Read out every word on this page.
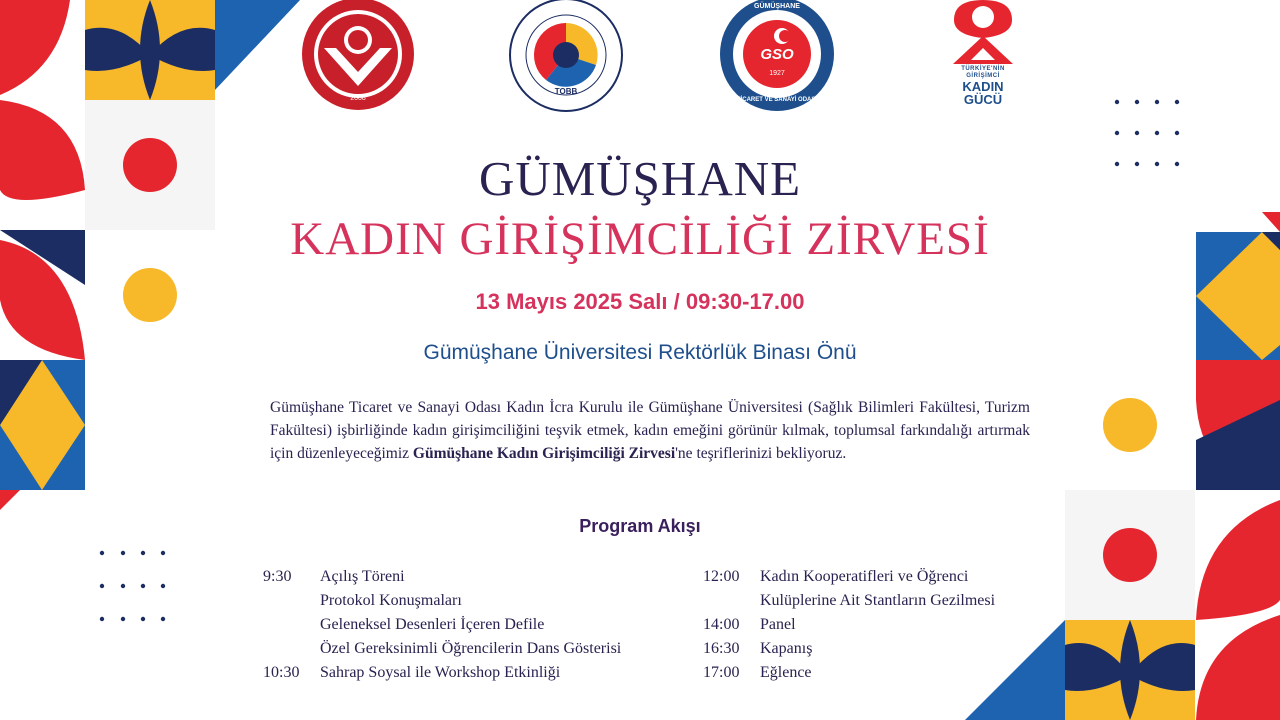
2008
TOBB
GSO
1927
GÜMÜŞHANE
TİCARET VE SANAYİ ODASI
TÜRKİYE'NİN
GİRİŞİMCİ
KADIN
GÜCÜ
GÜMÜŞHANE
KADIN GİRİŞİMCİLİĞİ ZİRVESİ
13 Mayıs 2025 Salı / 09:30-17.00
Gümüşhane Üniversitesi Rektörlük Binası Önü
Gümüşhane Ticaret ve Sanayi Odası Kadın İcra Kurulu ile Gümüşhane Üniversitesi (Sağlık Bilimleri Fakültesi, Turizm Fakültesi) işbirliğinde kadın girişimciliğini teşvik etmek, kadın emeğini görünür kılmak, toplumsal farkındalığı artırmak için düzenleyeceğimiz Gümüşhane Kadın Girişimciliği Zirvesi'ne teşriflerinizi bekliyoruz.
Program Akışı
9:30	Açılış Töreni
Protokol Konuşmaları
Geleneksel Desenleri İçeren Defile
Özel Gereksinimli Öğrencilerin Dans Gösterisi
10:30	Sahrap Soysal ile Workshop Etkinliği
12:00	Kadın Kooperatifleri ve Öğrenci
Kulüplerine Ait Stantların Gezilmesi
14:00	Panel
16:30	Kapanış
17:00	Eğlence
